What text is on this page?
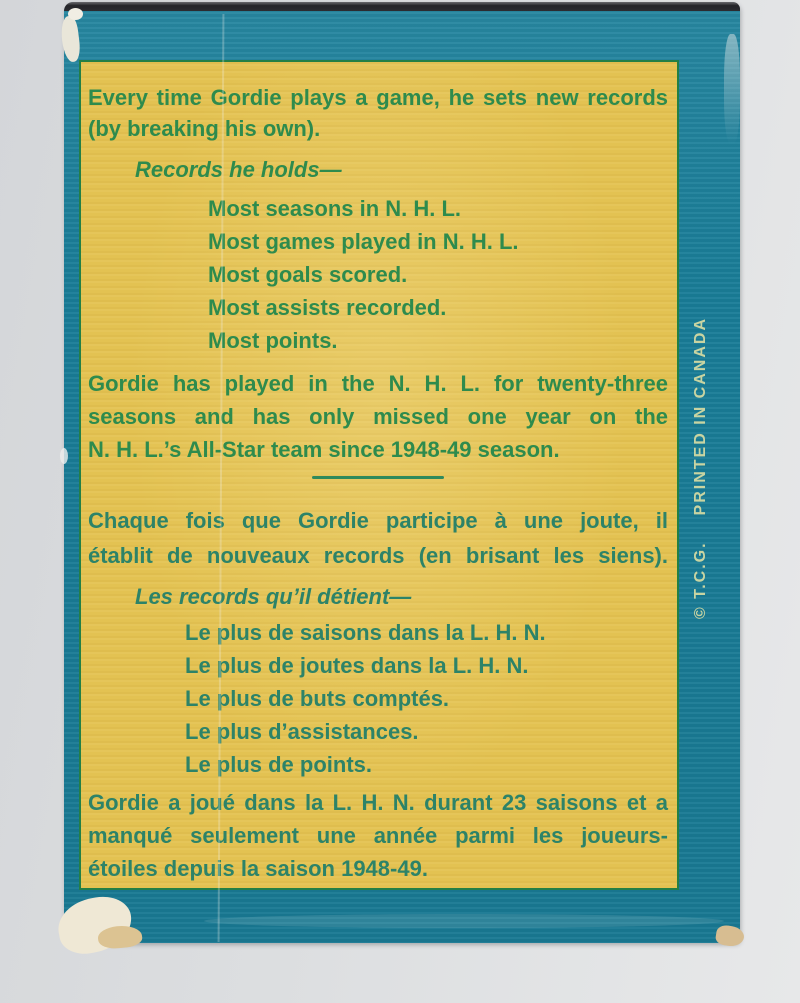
Every time Gordie plays a game, he sets new records
(by breaking his own).
Records he holds—
Most seasons in N. H. L.
Most games played in N. H. L.
Most goals scored.
Most assists recorded.
Most points.
Gordie has played in the N. H. L. for twenty-three
seasons and has only missed one year on the
N. H. L.’s All-Star team since 1948-49 season.
Chaque fois que Gordie participe à une joute, il
établit de nouveaux records (en brisant les siens).
Les records qu’il détient—
Le plus de saisons dans la L. H. N.
Le plus de joutes dans la L. H. N.
Le plus de buts comptés.
Le plus d’assistances.
Le plus de points.
Gordie a joué dans la L. H. N. durant 23 saisons et a
manqué seulement une année parmi les joueurs-
étoiles depuis la saison 1948-49.
© T.C.G.PRINTED IN CANADA
